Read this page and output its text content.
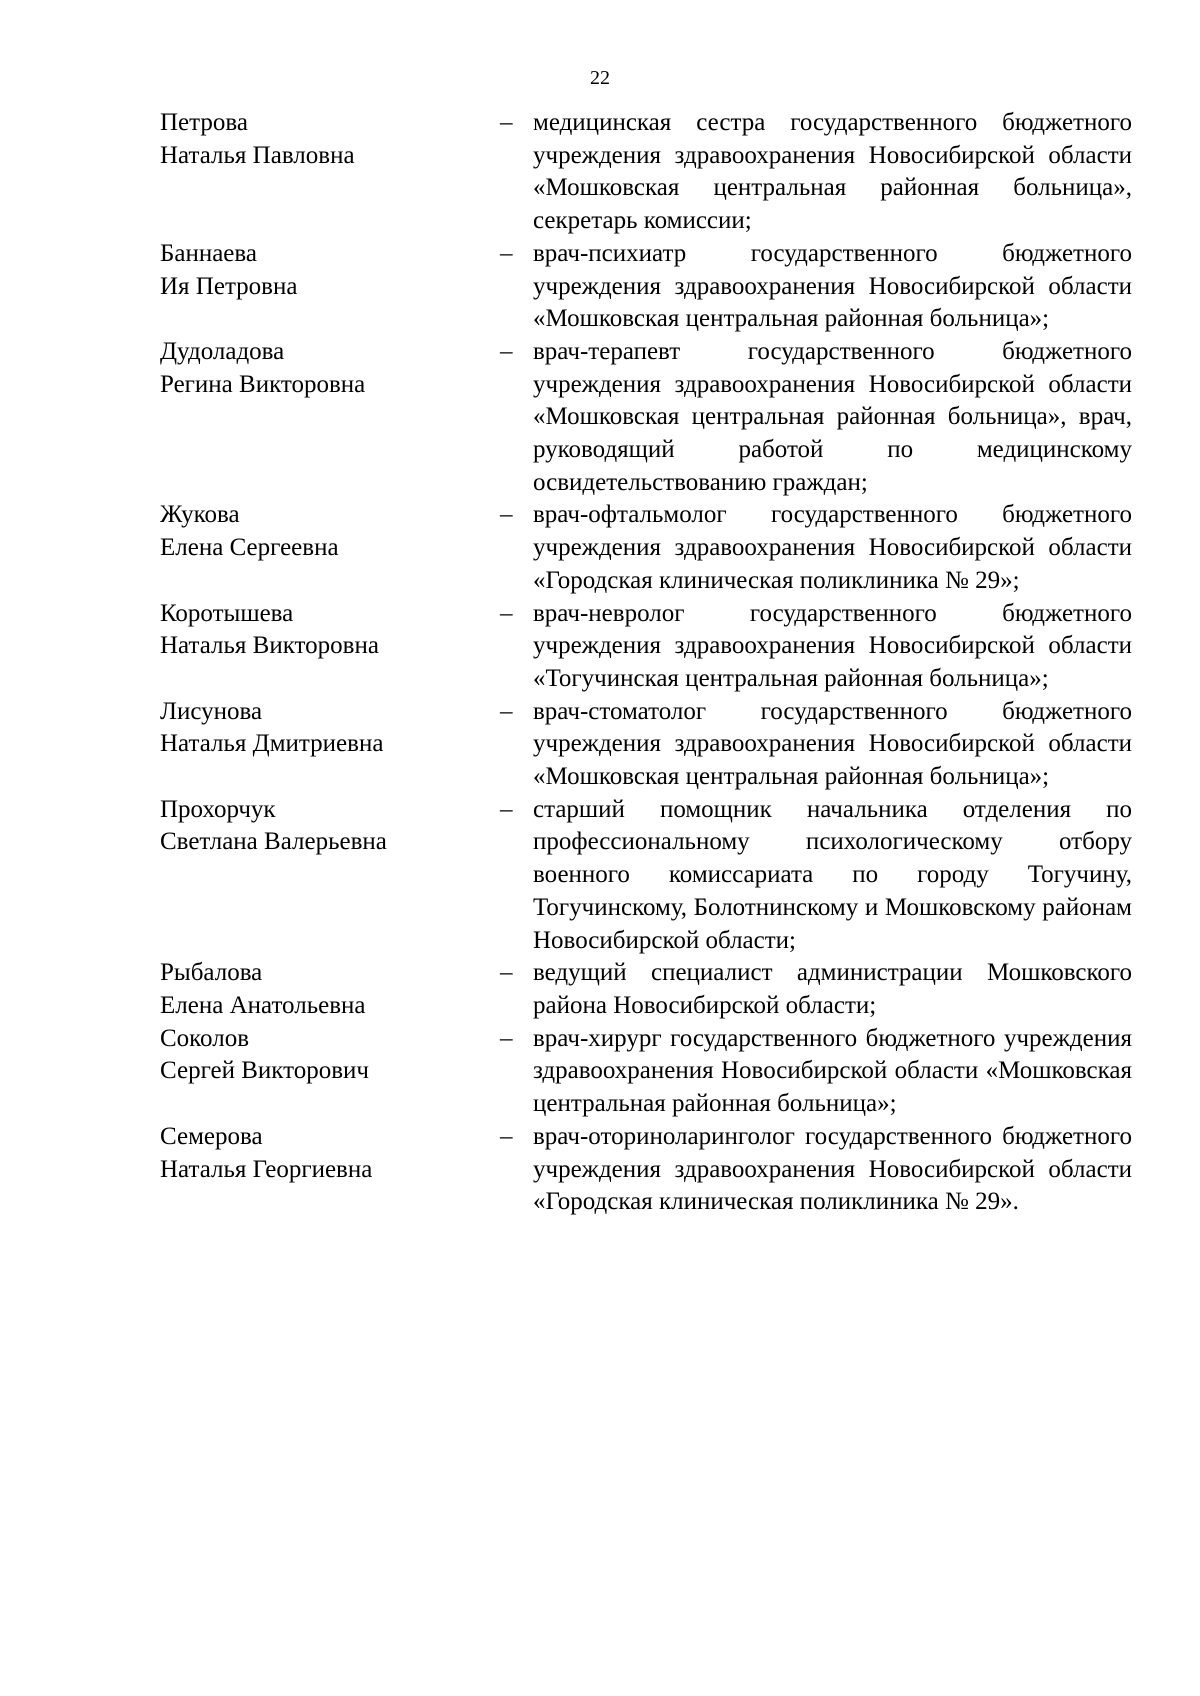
22
Петрова
Наталья Павловна
– медицинская сестра государственного бюджетного учреждения здравоохранения Новосибирской области «Мошковская центральная районная больница», секретарь комиссии;
Баннаева
Ия Петровна
– врач-психиатр государственного бюджетного учреждения здравоохранения Новосибирской области «Мошковская центральная районная больница»;
Дудоладова
Регина Викторовна
– врач-терапевт государственного бюджетного учреждения здравоохранения Новосибирской области «Мошковская центральная районная больница», врач, руководящий работой по медицинскому освидетельствованию граждан;
Жукова
Елена Сергеевна
– врач-офтальмолог государственного бюджетного учреждения здравоохранения Новосибирской области «Городская клиническая поликлиника № 29»;
Коротышева
Наталья Викторовна
– врач-невролог государственного бюджетного учреждения здравоохранения Новосибирской области «Тогучинская центральная районная больница»;
Лисунова
Наталья Дмитриевна
– врач-стоматолог государственного бюджетного учреждения здравоохранения Новосибирской области «Мошковская центральная районная больница»;
Прохорчук
Светлана Валерьевна
– старший помощник начальника отделения по профессиональному психологическому отбору военного комиссариата по городу Тогучину, Тогучинскому, Болотнинскому и Мошковскому районам Новосибирской области;
Рыбалова
Елена Анатольевна
– ведущий специалист администрации Мошковского района Новосибирской области;
Соколов
Сергей Викторович
– врач-хирург государственного бюджетного учреждения здравоохранения Новосибирской области «Мошковская центральная районная больница»;
Семерова
Наталья Георгиевна
– врач-оториноларинголог государственного бюджетного учреждения здравоохранения Новосибирской области «Городская клиническая поликлиника № 29».
